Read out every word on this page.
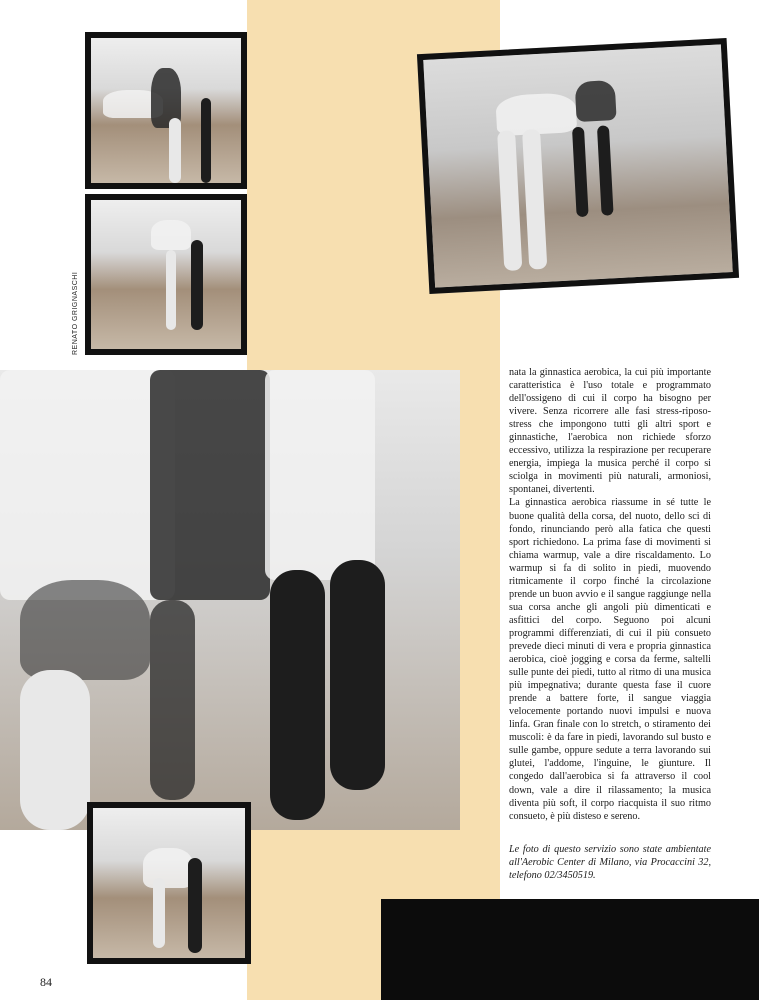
RENATO GRIGNASCHI

nata la ginnastica aerobica, la cui più importante caratteristica è l'uso totale e programmato dell'ossigeno di cui il corpo ha bisogno per vivere. Senza ricorrere alle fasi stress-riposo-stress che impongono tutti gli altri sport e ginnastiche, l'aerobica non richiede sforzo eccessivo, utilizza la respirazione per recuperare energia, impiega la musica perché il corpo si sciolga in movimenti più naturali, armoniosi, spontanei, divertenti.

La ginnastica aerobica riassume in sé tutte le buone qualità della corsa, del nuoto, dello sci di fondo, rinunciando però alla fatica che questi sport richiedono. La prima fase di movimenti si chiama warmup, vale a dire riscaldamento. Lo warmup si fa di solito in piedi, muovendo ritmicamente il corpo finché la circolazione prende un buon avvio e il sangue raggiunge nella sua corsa anche gli angoli più dimenticati e asfittici del corpo. Seguono poi alcuni programmi differenziati, di cui il più consueto prevede dieci minuti di vera e propria ginnastica aerobica, cioè jogging e corsa da ferme, saltelli sulle punte dei piedi, tutto al ritmo di una musica più impegnativa; durante questa fase il cuore prende a battere forte, il sangue viaggia velocemente portando nuovi impulsi e nuova linfa. Gran finale con lo stretch, o stiramento dei muscoli: è da fare in piedi, lavorando sul busto e sulle gambe, oppure sedute a terra lavorando sui glutei, l'addome, l'inguine, le giunture. Il congedo dall'aerobica si fa attraverso il cool down, vale a dire il rilassamento; la musica diventa più soft, il corpo riacquista il suo ritmo consueto, è più disteso e sereno.

Le foto di questo servizio sono state ambientate all'Aerobic Center di Milano, via Procaccini 32, telefono 02/3450519.
84
